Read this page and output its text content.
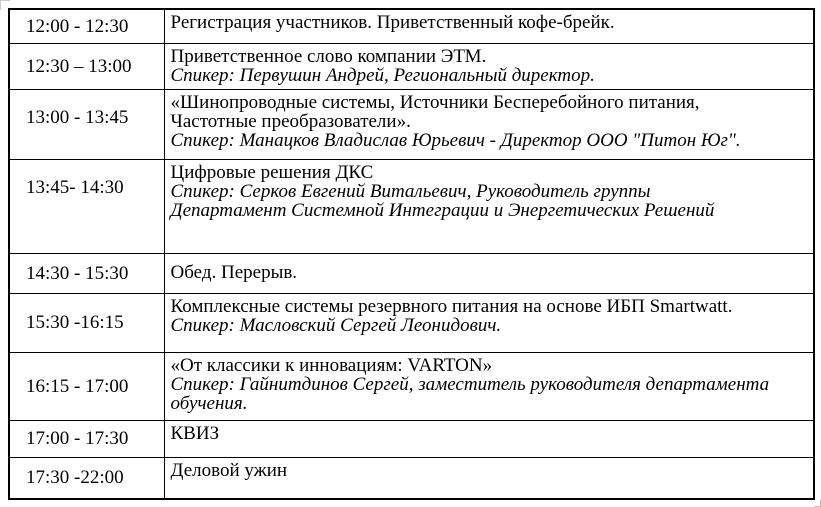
12:00 - 12:30	Регистрация участников. Приветственный кофе-брейк.

12:30 – 13:00	Приветственное слово компании ЭТМ.
Спикер: Первушин Андрей, Региональный директор.

13:00 - 13:45	«Шинопроводные системы, Источники Бесперебойного питания,
Частотные преобразователи».
Спикер: Манацков Владислав Юрьевич - Директор ООО "Питон Юг".

13:45- 14:30	Цифровые решения ДКС
Спикер: Серков Евгений Витальевич, Руководитель группы
Департамент Системной Интеграции и Энергетических Решений

14:30 - 15:30	Обед. Перерыв.

15:30 -16:15	Комплексные системы резервного питания на основе ИБП Smartwatt.
Спикер: Масловский Сергей Леонидович.

16:15 - 17:00	«От классики к инновациям: VARTON»
Спикер: Гайнитдинов Сергей, заместитель руководителя департамента
обучения.

17:00 - 17:30	КВИЗ

17:30 -22:00	Деловой ужин
